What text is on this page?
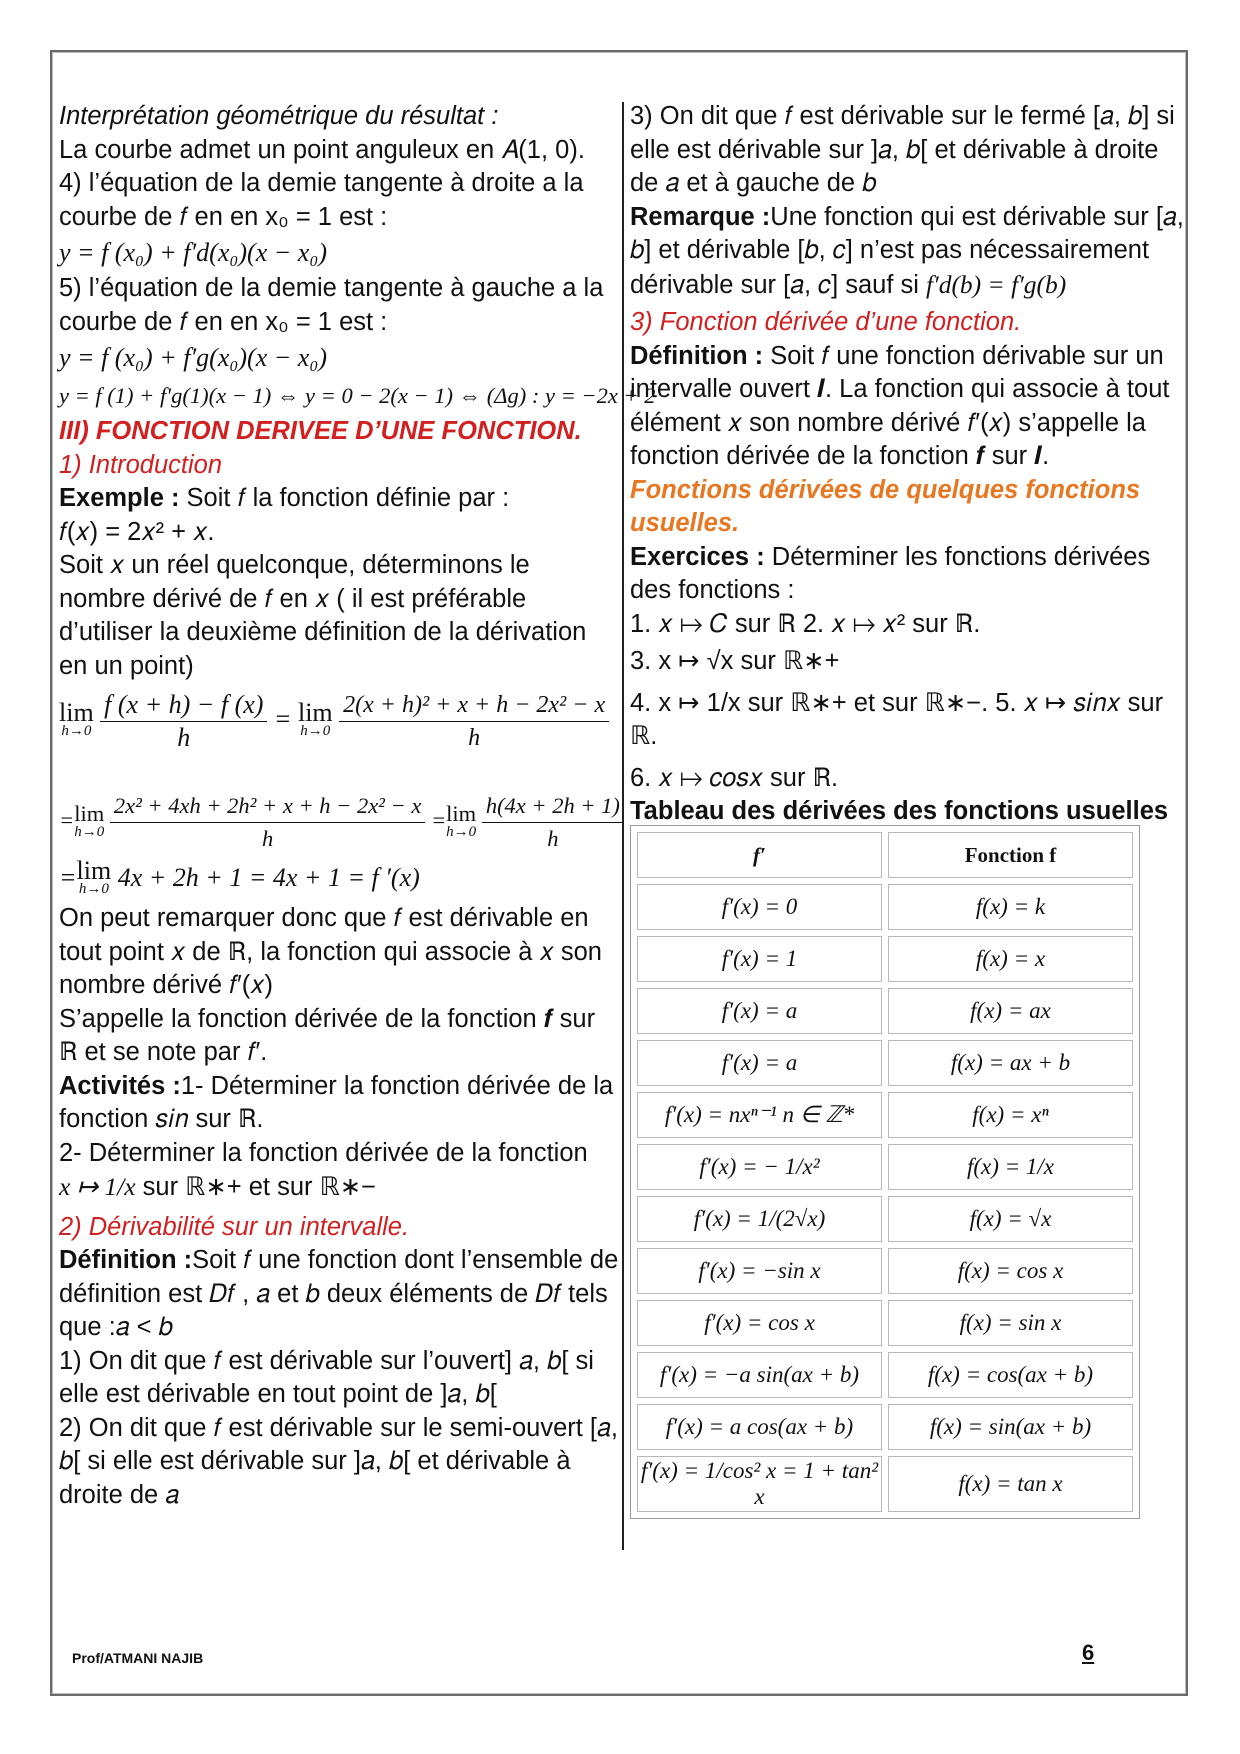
Interprétation géométrique du résultat :

La courbe admet un point anguleux en 𝐴(1, 0).

4) l’équation de la demie tangente à droite a la

courbe de 𝑓 en en x₀ = 1 est :

y = f (x₀) + f′d(x₀)(x − x₀)

5) l’équation de la demie tangente à gauche a la

courbe de 𝑓 en en x₀ = 1 est :

y = f (x₀) + f′g(x₀)(x − x₀)

y = f (1) + f′g(1)(x − 1) ⇔ y = 0 − 2(x − 1) ⇔ (Δg) : y = −2x + 2

III) FONCTION DERIVEE D’UNE FONCTION.

1) Introduction

Exemple : Soit 𝑓 la fonction définie par :

𝑓(𝑥) = 2𝑥² + 𝑥.

Soit 𝑥 un réel quelconque, déterminons le nombre dérivé de 𝑓 en 𝑥 ( il est préférable d’utiliser la deuxième définition de la dérivation en un point)

lim
h→0
$\frac{f (x + h) - f (x)}{h} = \lim$
h→0
$\frac{\text{2(x + h)² + x + h − 2x² − x}}{h}$
=lim
h→0
$\frac{\text{2x² + 4xh + 2h² + x + h − 2x² − x}}{h} =\lim$
h→0
$\frac{h(4x + 2h + 1)}{h}$
=lim
h→0 4x + 2h + 1 = 4x + 1 = f ′(x)

On peut remarquer donc que 𝑓 est dérivable en tout point 𝑥 de ℝ, la fonction qui associe à 𝑥 son nombre dérivé 𝑓′(𝑥)

S’appelle la fonction dérivée de la fonction 𝒇 sur ℝ et se note par 𝑓′.

Activités :1- Déterminer la fonction dérivée de la fonction 𝑠𝑖𝑛 sur ℝ.

2- Déterminer la fonction dérivée de la fonction

x ↦ 1/x sur ℝ∗+ et sur ℝ∗−

2) Dérivabilité sur un intervalle.

Définition :Soit 𝑓 une fonction dont l’ensemble de définition est 𝐷𝑓 , 𝑎 et 𝑏 deux éléments de 𝐷𝑓 tels que :𝑎 < 𝑏

1) On dit que 𝑓 est dérivable sur l’ouvert] 𝑎, 𝑏[ si elle est dérivable en tout point de ]𝑎, 𝑏[

2) On dit que 𝑓 est dérivable sur le semi-ouvert [𝑎, 𝑏[ si elle est dérivable sur ]𝑎, 𝑏[ et dérivable à droite de 𝑎

3) On dit que 𝑓 est dérivable sur le fermé [𝑎, 𝑏] si elle est dérivable sur ]𝑎, 𝑏[ et dérivable à droite de 𝑎 et à gauche de 𝑏

Remarque :Une fonction qui est dérivable sur [𝑎, 𝑏] et dérivable [𝑏, 𝑐] n’est pas nécessairement dérivable sur [𝑎, 𝑐] sauf si f′d(b) = f′g(b)

3) Fonction dérivée d’une fonction.

Définition : Soit 𝑓 une fonction dérivable sur un intervalle ouvert 𝑰. La fonction qui associe à tout élément 𝑥 son nombre dérivé 𝑓′(𝑥) s’appelle la fonction dérivée de la fonction 𝒇 sur 𝑰.

Fonctions dérivées de quelques fonctions usuelles.

Exercices : Déterminer les fonctions dérivées des fonctions :

1. 𝑥 ↦ 𝐶 sur ℝ 2. 𝑥 ↦ 𝑥² sur ℝ.

3. x ↦ √x sur ℝ∗+

4. x ↦ 1/x sur ℝ∗+ et sur ℝ∗−. 5. 𝑥 ↦ 𝑠𝑖𝑛𝑥 sur ℝ.

6. 𝑥 ↦ 𝑐𝑜𝑠𝑥 sur ℝ.

Tableau des dérivées des fonctions usuelles

f′	Fonction f
f′(x) = 0	f(x) = k
f′(x) = 1	f(x) = x
f′(x) = a	f(x) = ax
f′(x) = a	f(x) = ax + b
f′(x) = nxⁿ⁻¹ n ∈ ℤ*	f(x) = xⁿ
f′(x) = − 1/x²	f(x) = 1/x
f′(x) = 1/(2√x)	f(x) = √x
f′(x) = −sin x	f(x) = cos x
f′(x) = cos x	f(x) = sin x
f′(x) = −a sin(ax + b)	f(x) = cos(ax + b)
f′(x) = a cos(ax + b)	f(x) = sin(ax + b)
f′(x) = 1/cos² x = 1 + tan² x	f(x) = tan x
Prof/ATMANI NAJIB	6
